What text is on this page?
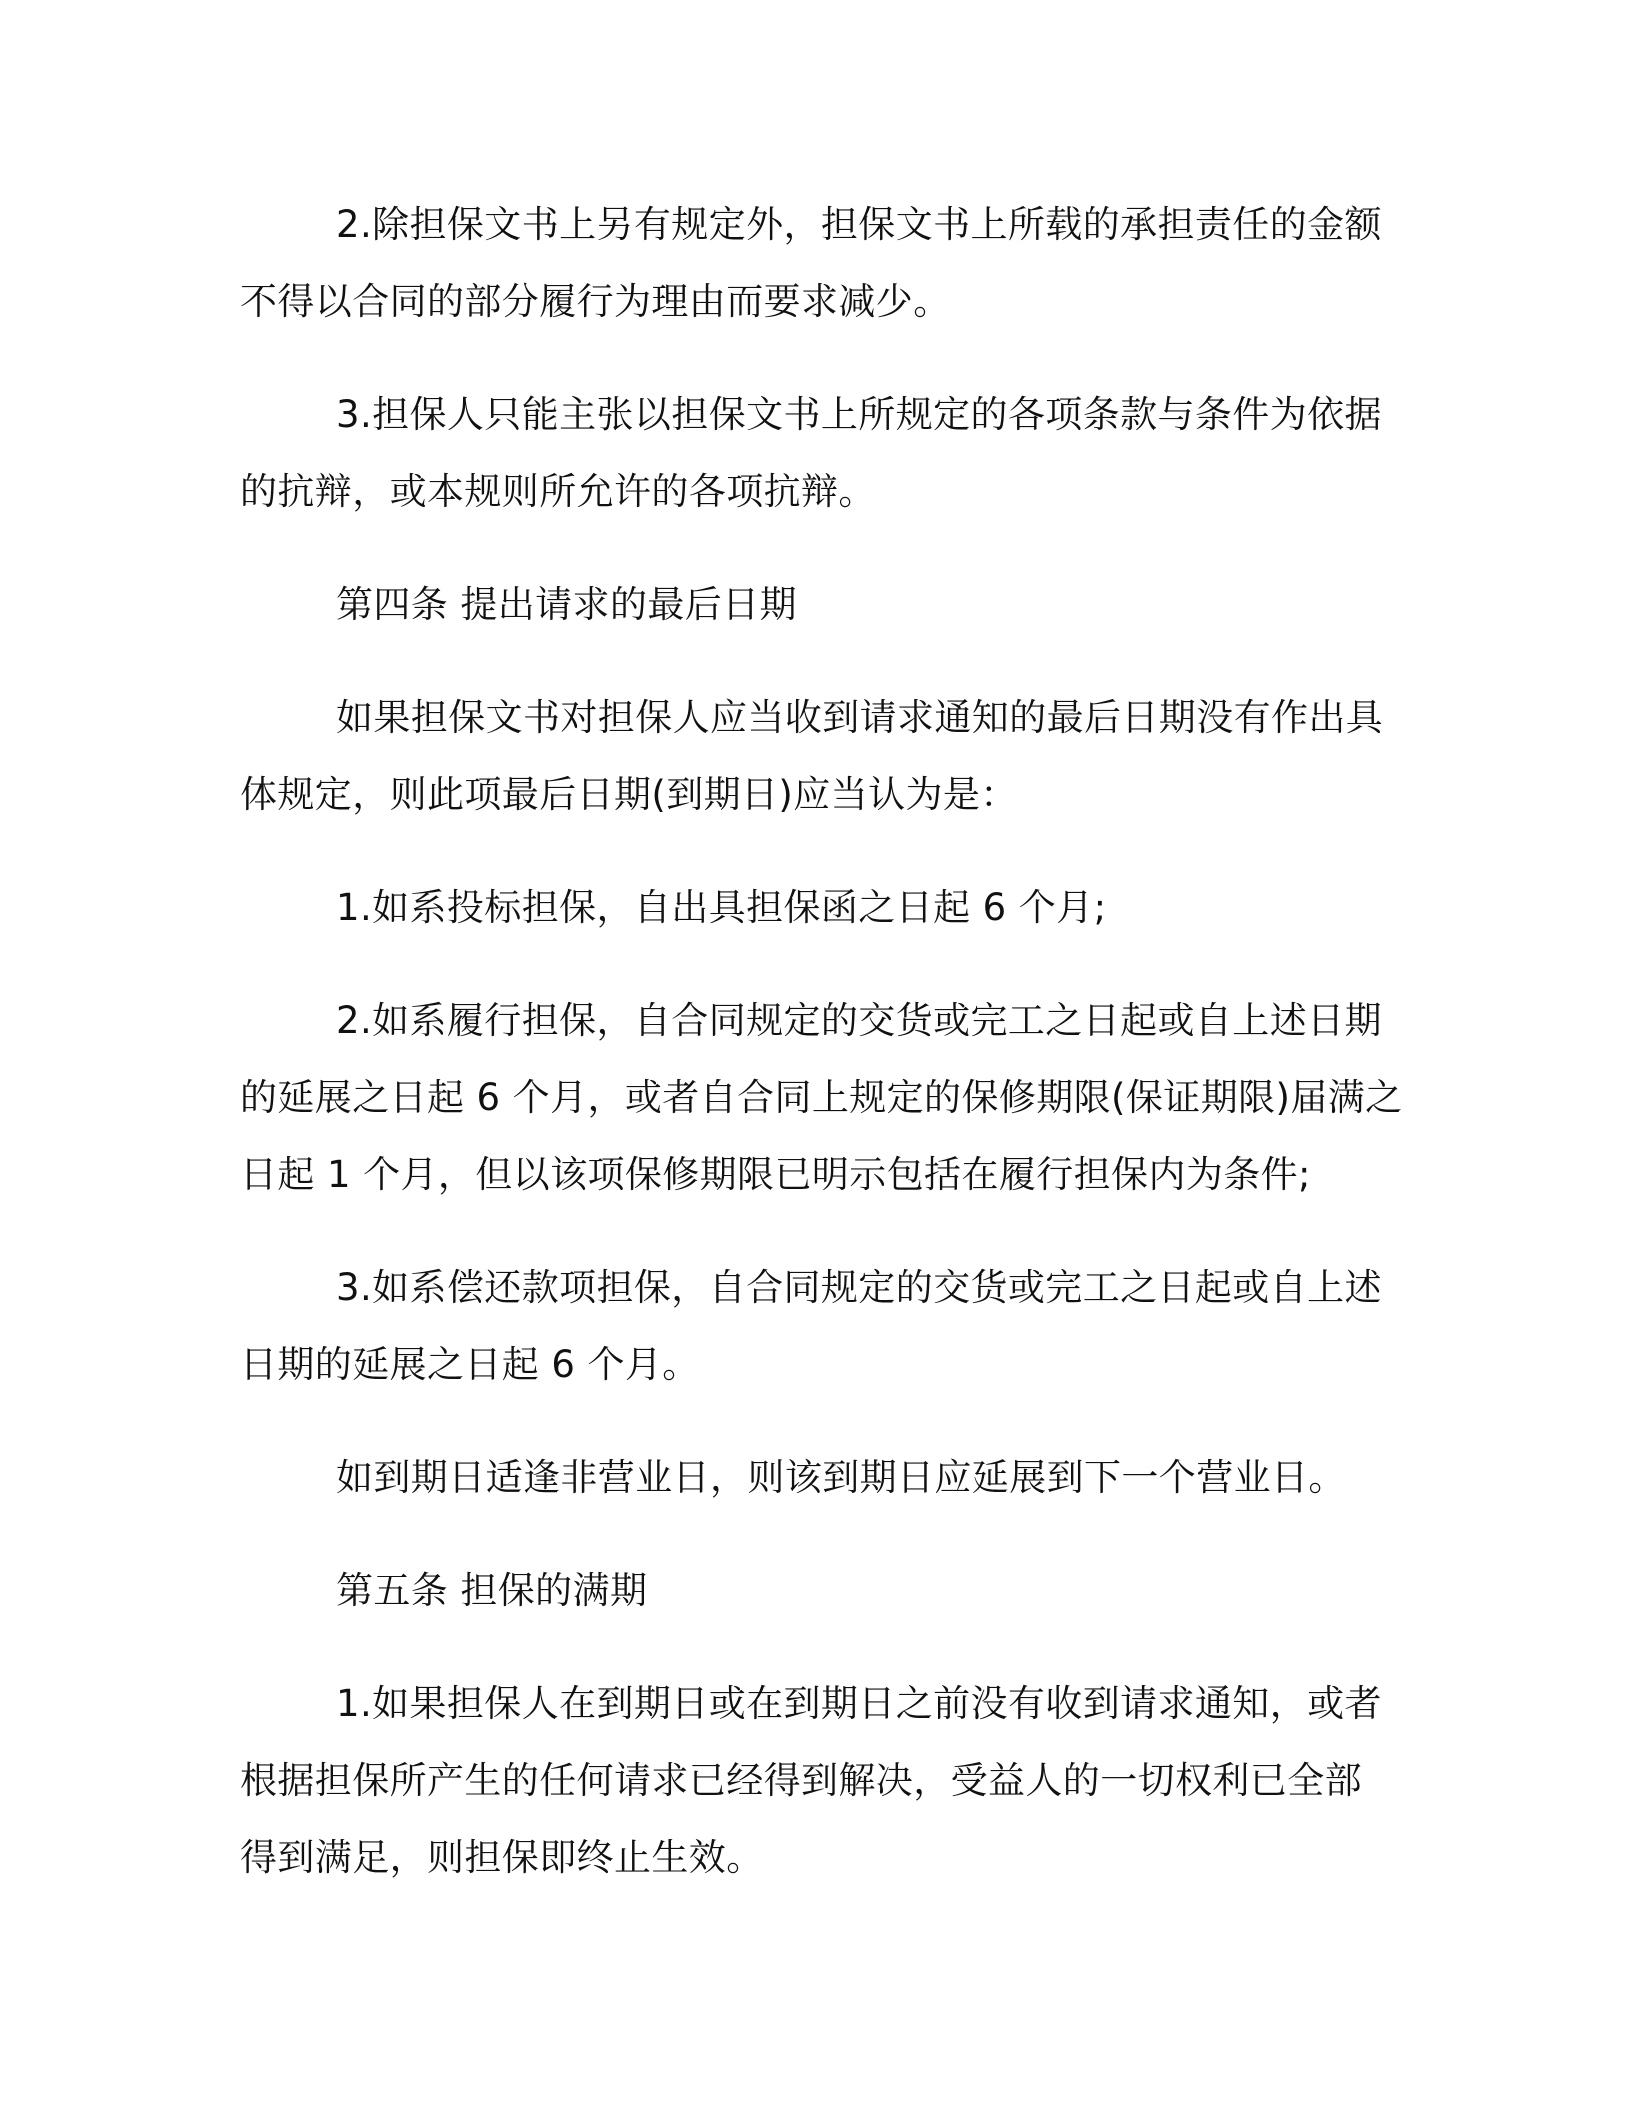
2.除担保文书上另有规定外，担保文书上所载的承担责任的金额
不得以合同的部分履行为理由而要求减少。

3.担保人只能主张以担保文书上所规定的各项条款与条件为依据
的抗辩，或本规则所允许的各项抗辩。

第四条 提出请求的最后日期

如果担保文书对担保人应当收到请求通知的最后日期没有作出具
体规定，则此项最后日期(到期日)应当认为是：

1.如系投标担保，自出具担保函之日起 6 个月;

2.如系履行担保，自合同规定的交货或完工之日起或自上述日期
的延展之日起 6 个月，或者自合同上规定的保修期限(保证期限)届满之
日起 1 个月，但以该项保修期限已明示包括在履行担保内为条件;

3.如系偿还款项担保，自合同规定的交货或完工之日起或自上述
日期的延展之日起 6 个月。

如到期日适逢非营业日，则该到期日应延展到下一个营业日。

第五条 担保的满期

1.如果担保人在到期日或在到期日之前没有收到请求通知，或者
根据担保所产生的任何请求已经得到解决，受益人的一切权利已全部
得到满足，则担保即终止生效。
